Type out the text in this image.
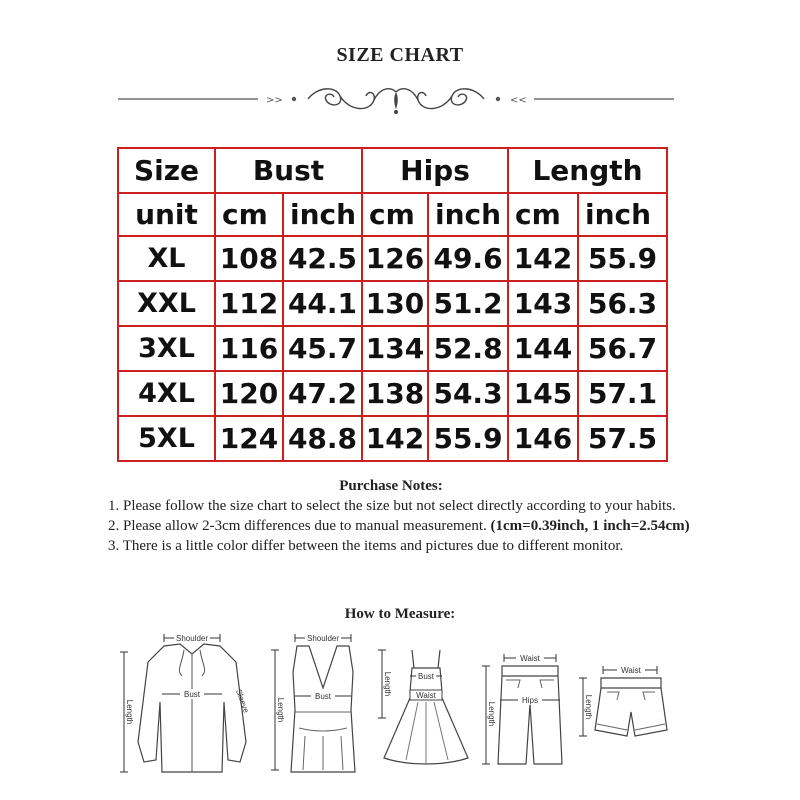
SIZE CHART
>>	<<
Size	Bust		Hips		Length	
unit	cm	inch	cm	inch	cm	inch
XL	108	42.5	126	49.6	142	55.9
XXL	112	44.1	130	51.2	143	56.3
3XL	116	45.7	134	52.8	144	56.7
4XL	120	47.2	138	54.3	145	57.1
5XL	124	48.8	142	55.9	146	57.5
Purchase Notes:

1. Please follow the size chart to select the size but not select directly according to your habits.

2. Please allow 2-3cm differences due to manual measurement. (1cm=0.39inch, 1 inch=2.54cm)

3. There is a little color differ between the items and pictures due to different monitor.

How to Measure:
Shoulder
Length
Bust	Sleeve
Shoulder
Length
Bust
Length	Bust
Waist
Length
Waist
Hips	Length
Waist
